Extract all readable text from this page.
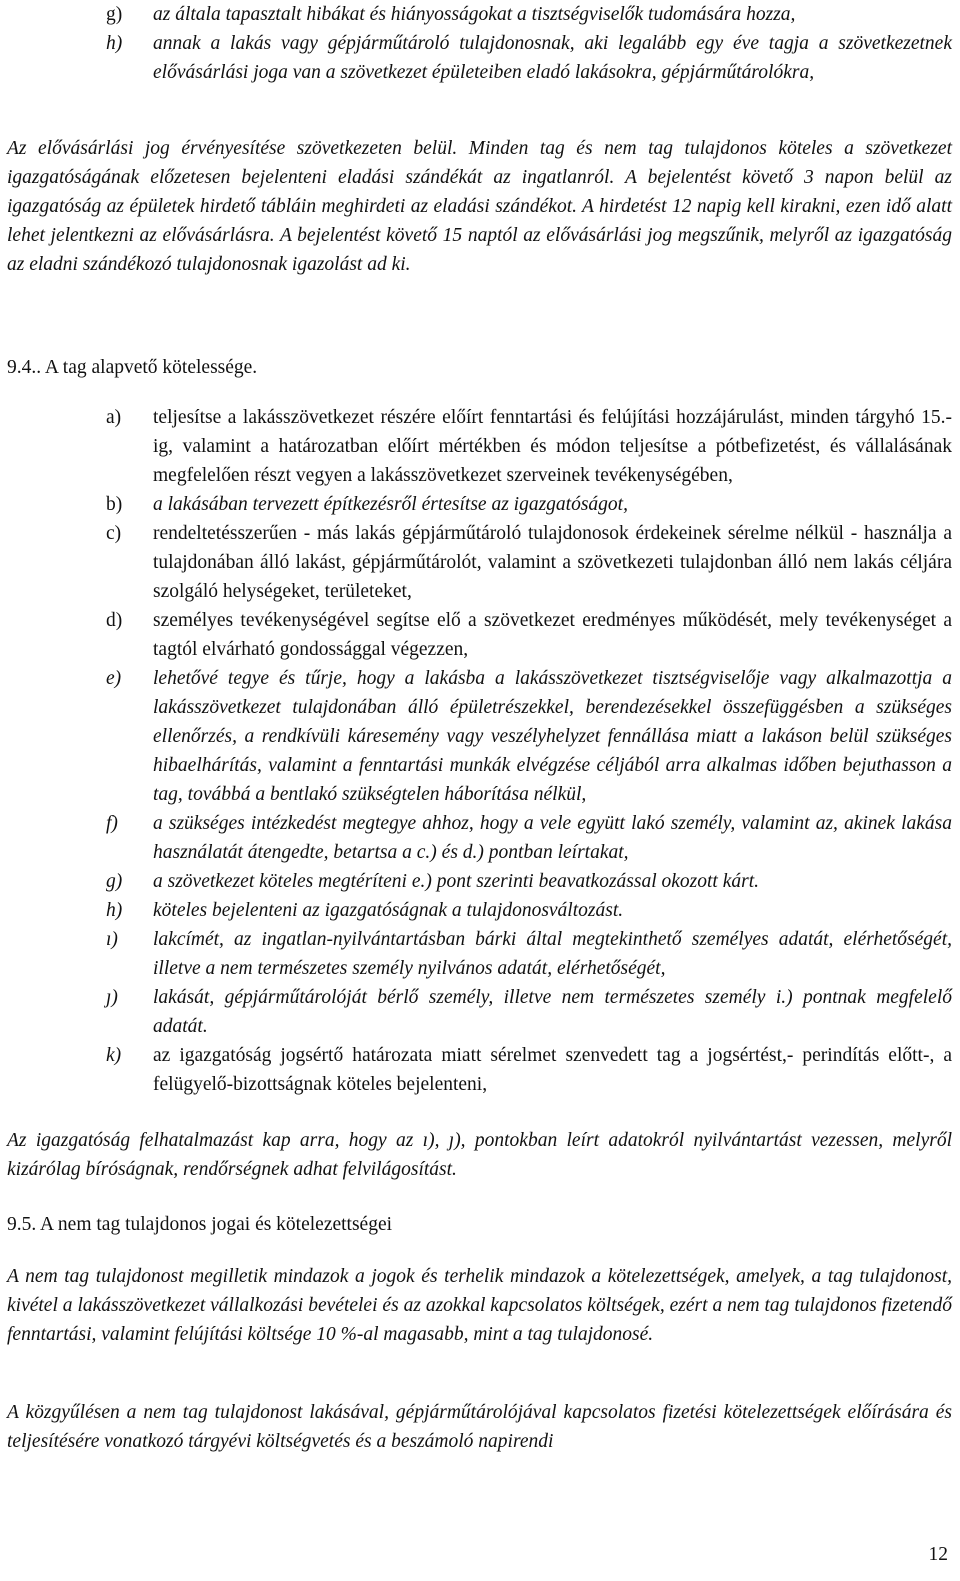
g)	az általa tapasztalt hibákat és hiányosságokat a tisztségviselők tudomására hozza,
h)	annak a lakás vagy gépjárműtároló tulajdonosnak, aki legalább egy éve tagja a szövetkezetnek elővásárlási joga van a szövetkezet épületeiben eladó lakásokra, gépjárműtárolókra,

Az elővásárlási jog érvényesítése szövetkezeten belül. Minden tag és nem tag tulajdonos köteles a szövetkezet igazgatóságának előzetesen bejelenteni eladási szándékát az ingatlanról. A bejelentést követő 3 napon belül az igazgatóság az épületek hirdető tábláin meghirdeti az eladási szándékot. A hirdetést 12 napig kell kirakni, ezen idő alatt lehet jelentkezni az elővásárlásra. A bejelentést követő 15 naptól az elővásárlási jog megszűnik, melyről az igazgatóság az eladni szándékozó tulajdonosnak igazolást ad ki.

9.4.. A tag alapvető kötelessége.

a)	teljesítse a lakásszövetkezet részére előírt fenntartási és felújítási hozzájárulást, minden tárgyhó 15.-ig, valamint a határozatban előírt mértékben és módon teljesítse a pótbefizetést, és vállalásának megfelelően részt vegyen a lakásszövetkezet szerveinek tevékenységében,
b)	a lakásában tervezett építkezésről értesítse az igazgatóságot,
c)	rendeltetésszerűen - más lakás gépjárműtároló tulajdonosok érdekeinek sérelme nélkül - használja a tulajdonában álló lakást, gépjárműtárolót, valamint a szövetkezeti tulajdonban álló nem lakás céljára szolgáló helységeket, területeket,
d)	személyes tevékenységével segítse elő a szövetkezet eredményes működését, mely tevékenységet a tagtól elvárható gondossággal végezzen,
e)	lehetővé tegye és tűrje, hogy a lakásba a lakásszövetkezet tisztségviselője vagy alkalmazottja a lakásszövetkezet tulajdonában álló épületrészekkel, berendezésekkel összefüggésben a szükséges ellenőrzés, a rendkívüli káresemény vagy veszélyhelyzet fennállása miatt a lakáson belül szükséges hibaelhárítás, valamint a fenntartási munkák elvégzése céljából arra alkalmas időben bejuthasson a tag, továbbá a bentlakó szükségtelen háborítása nélkül,
f)	a szükséges intézkedést megtegye ahhoz, hogy a vele együtt lakó személy, valamint az, akinek lakása használatát átengedte, betartsa a c.) és d.) pontban leírtakat,
g)	a szövetkezet köteles megtéríteni e.) pont szerinti beavatkozással okozott kárt.
h)	köteles bejelenteni az igazgatóságnak a tulajdonosváltozást.
ı)	lakcímét, az ingatlan-nyilvántartásban bárki által megtekinthető személyes adatát, elérhetőségét, illetve a nem természetes személy nyilvános adatát, elérhetőségét,
ȷ)	lakását, gépjárműtárolóját bérlő személy, illetve nem természetes személy i.) pontnak megfelelő adatát.
k)	az igazgatóság jogsértő határozata miatt sérelmet szenvedett tag a jogsértést,- perindítás előtt-, a felügyelő-bizottságnak köteles bejelenteni,

Az igazgatóság felhatalmazást kap arra, hogy az ı), ȷ), pontokban leírt adatokról nyilvántartást vezessen, melyről kizárólag bíróságnak, rendőrségnek adhat felvilágosítást.

9.5. A nem tag tulajdonos jogai és kötelezettségei

A nem tag tulajdonost megilletik mindazok a jogok és terhelik mindazok a kötelezettségek, amelyek, a tag tulajdonost, kivétel a lakásszövetkezet vállalkozási bevételei és az azokkal kapcsolatos költségek, ezért a nem tag tulajdonos fizetendő fenntartási, valamint felújítási költsége 10 %-al magasabb, mint a tag tulajdonosé.

A közgyűlésen a nem tag tulajdonost lakásával, gépjárműtárolójával kapcsolatos fizetési kötelezettségek előírására és teljesítésére vonatkozó tárgyévi költségvetés és a beszámoló napirendi

12
